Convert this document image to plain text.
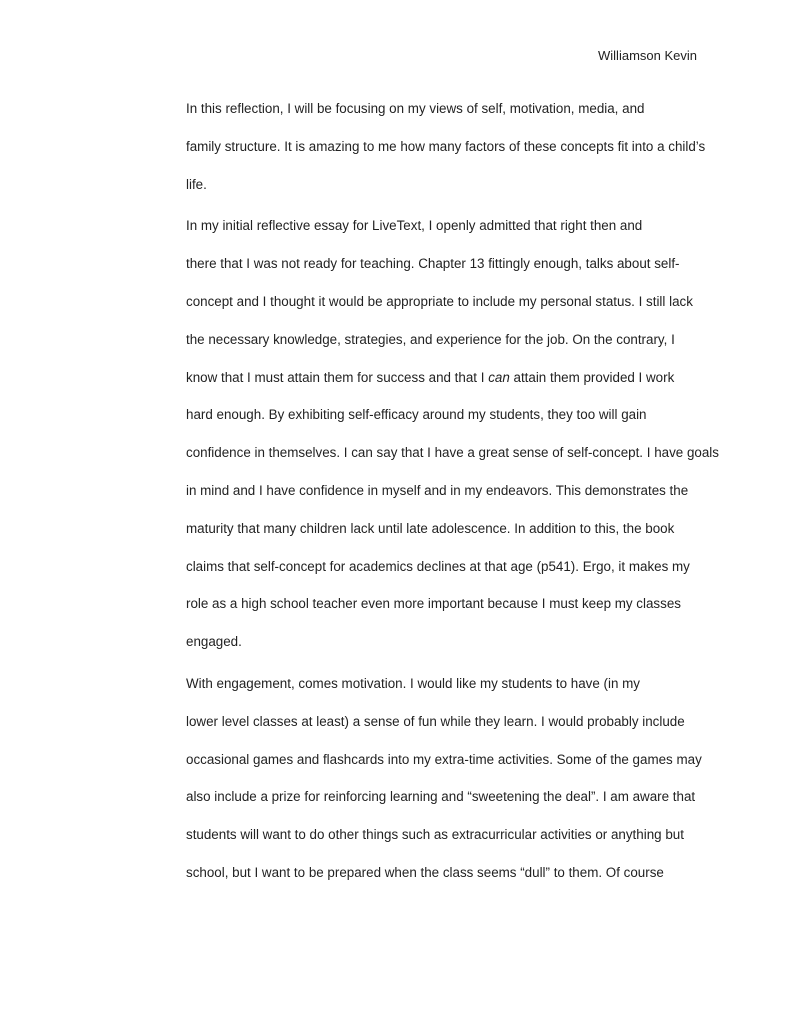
Williamson Kevin

In this reflection, I will be focusing on my views of self, motivation, media, and
family structure. It is amazing to me how many factors of these concepts fit into a child’s
life.

In my initial reflective essay for LiveText, I openly admitted that right then and
there that I was not ready for teaching. Chapter 13 fittingly enough, talks about self-
concept and I thought it would be appropriate to include my personal status. I still lack
the necessary knowledge, strategies, and experience for the job. On the contrary, I
know that I must attain them for success and that I can attain them provided I work
hard enough. By exhibiting self-efficacy around my students, they too will gain
confidence in themselves. I can say that I have a great sense of self-concept. I have goals
in mind and I have confidence in myself and in my endeavors. This demonstrates the
maturity that many children lack until late adolescence. In addition to this, the book
claims that self-concept for academics declines at that age (p541). Ergo, it makes my
role as a high school teacher even more important because I must keep my classes
engaged.

With engagement, comes motivation. I would like my students to have (in my
lower level classes at least) a sense of fun while they learn. I would probably include
occasional games and flashcards into my extra-time activities. Some of the games may
also include a prize for reinforcing learning and “sweetening the deal”. I am aware that
students will want to do other things such as extracurricular activities or anything but
school, but I want to be prepared when the class seems “dull” to them. Of course
